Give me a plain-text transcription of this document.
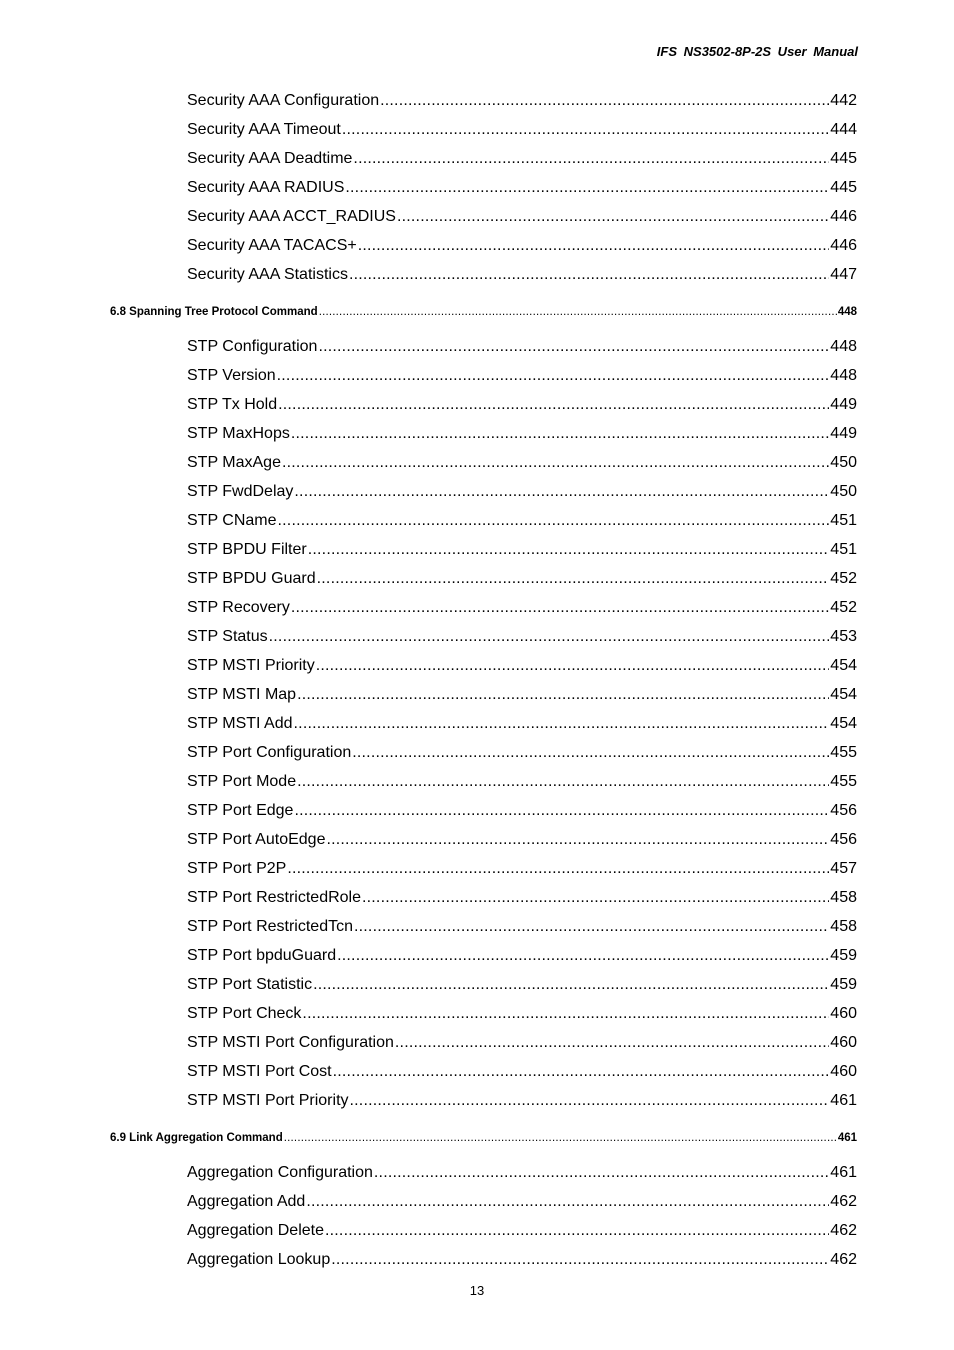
IFS NS3502-8P-2S User Manual
Security AAA Configuration .....	442
Security AAA Timeout .....	444
Security AAA Deadtime .....	445
Security AAA RADIUS .....	445
Security AAA ACCT_RADIUS .....	446
Security AAA TACACS+ .....	446
Security AAA Statistics .....	447
6.8 Spanning Tree Protocol Command .....	448
STP Configuration .....	448
STP Version .....	448
STP Tx Hold .....	449
STP MaxHops .....	449
STP MaxAge .....	450
STP FwdDelay .....	450
STP CName .....	451
STP BPDU Filter .....	451
STP BPDU Guard .....	452
STP Recovery .....	452
STP Status .....	453
STP MSTI Priority .....	454
STP MSTI Map .....	454
STP MSTI Add .....	454
STP Port Configuration .....	455
STP Port Mode .....	455
STP Port Edge .....	456
STP Port AutoEdge .....	456
STP Port P2P .....	457
STP Port RestrictedRole .....	458
STP Port RestrictedTcn .....	458
STP Port bpduGuard .....	459
STP Port Statistic .....	459
STP Port Check .....	460
STP MSTI Port Configuration .....	460
STP MSTI Port Cost .....	460
STP MSTI Port Priority .....	461
6.9 Link Aggregation Command .....	461
Aggregation Configuration .....	461
Aggregation Add .....	462
Aggregation Delete .....	462
Aggregation Lookup .....	462
13
